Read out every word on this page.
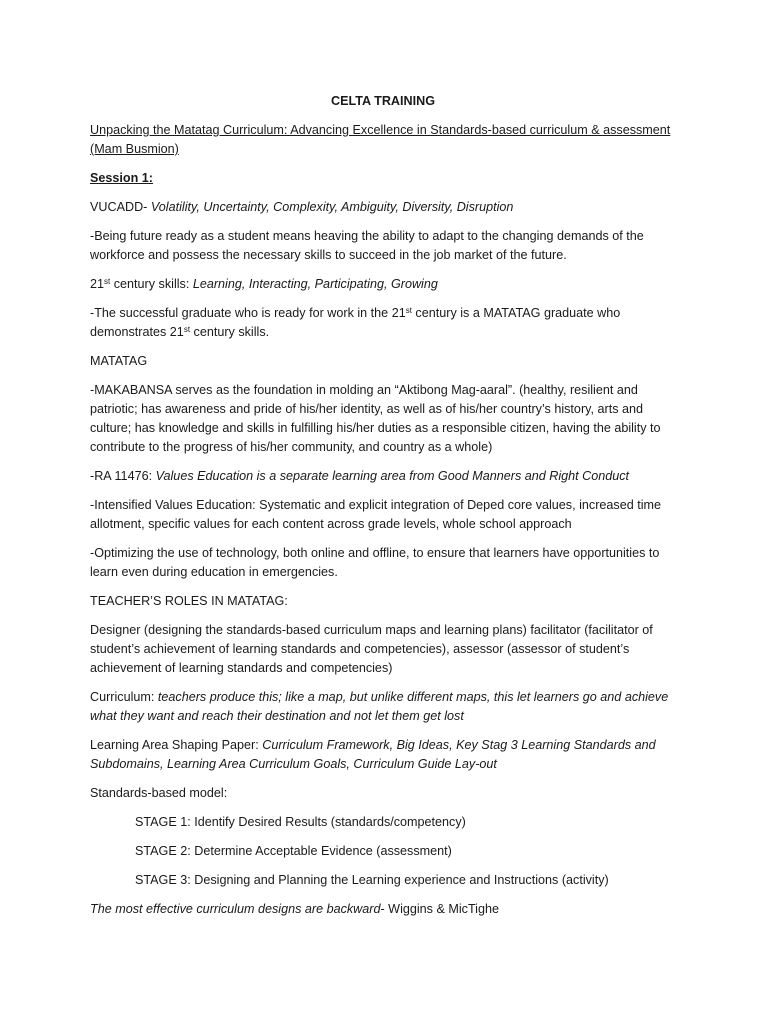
CELTA TRAINING

Unpacking the Matatag Curriculum: Advancing Excellence in Standards-based curriculum & assessment (Mam Busmion)

Session 1:

VUCADD- Volatility, Uncertainty, Complexity, Ambiguity, Diversity, Disruption

-Being future ready as a student means heaving the ability to adapt to the changing demands of the workforce and possess the necessary skills to succeed in the job market of the future.

21st century skills: Learning, Interacting, Participating, Growing

-The successful graduate who is ready for work in the 21st century is a MATATAG graduate who demonstrates 21st century skills.

MATATAG

-MAKABANSA serves as the foundation in molding an “Aktibong Mag-aaral”. (healthy, resilient and patriotic; has awareness and pride of his/her identity, as well as of his/her country’s history, arts and culture; has knowledge and skills in fulfilling his/her duties as a responsible citizen, having the ability to contribute to the progress of his/her community, and country as a whole)

-RA 11476: Values Education is a separate learning area from Good Manners and Right Conduct

-Intensified Values Education: Systematic and explicit integration of Deped core values, increased time allotment, specific values for each content across grade levels, whole school approach

-Optimizing the use of technology, both online and offline, to ensure that learners have opportunities to learn even during education in emergencies.

TEACHER’S ROLES IN MATATAG:

Designer (designing the standards-based curriculum maps and learning plans) facilitator (facilitator of student’s achievement of learning standards and competencies), assessor (assessor of student’s achievement of learning standards and competencies)

Curriculum: teachers produce this; like a map, but unlike different maps, this let learners go and achieve what they want and reach their destination and not let them get lost

Learning Area Shaping Paper: Curriculum Framework, Big Ideas, Key Stag 3 Learning Standards and Subdomains, Learning Area Curriculum Goals, Curriculum Guide Lay-out

Standards-based model:

STAGE 1: Identify Desired Results (standards/competency)

STAGE 2: Determine Acceptable Evidence (assessment)

STAGE 3: Designing and Planning the Learning experience and Instructions (activity)

The most effective curriculum designs are backward- Wiggins & MicTighe
